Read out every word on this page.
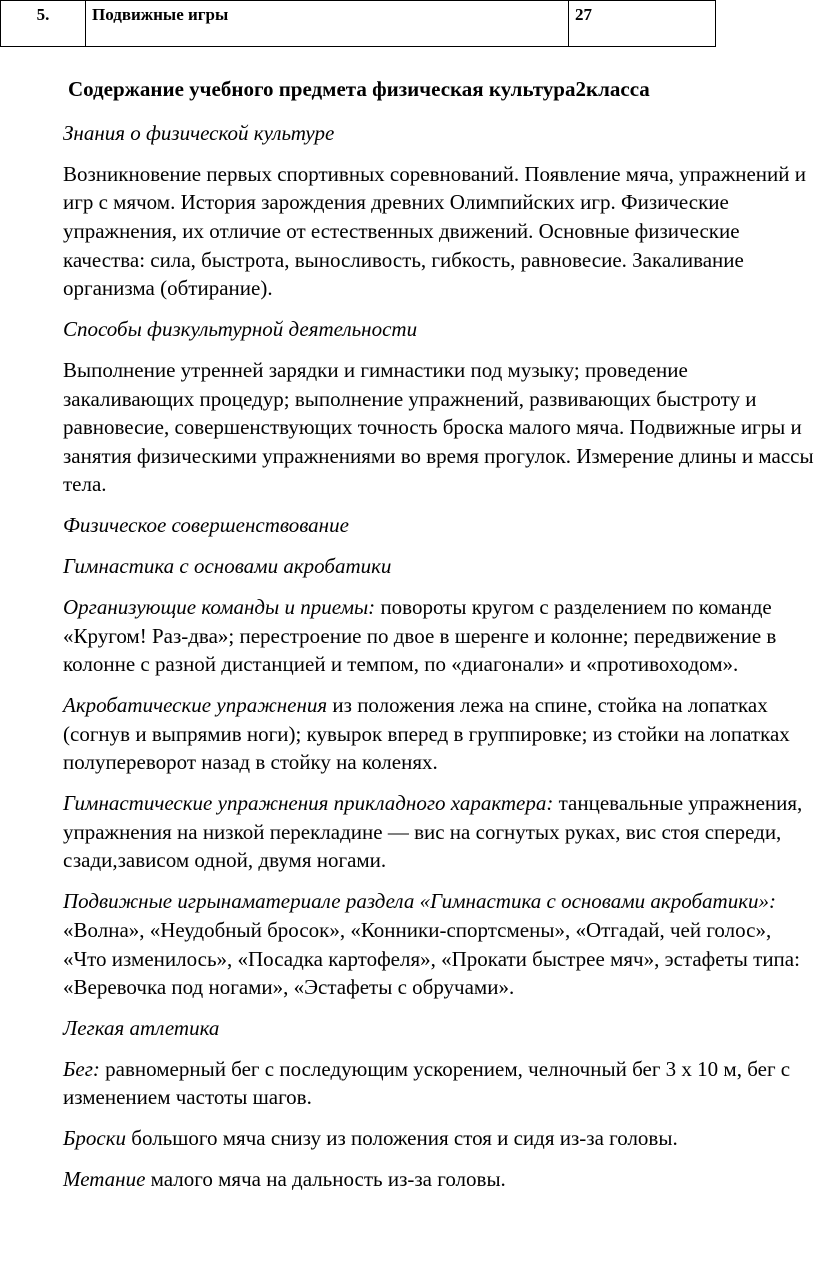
5.	Подвижные игры	27
Содержание учебного предмета физическая культура2класса

Знания о физической культуре

Возникновение первых спортивных соревнований. Появление мяча, упражнений и игр с мячом. История зарождения древних Олимпийских игр. Физические упражнения, их отличие от естественных движений. Основные физические качества: сила, быстрота, выносливость, гибкость, равновесие. Закаливание организма (обтирание).

Способы физкультурной деятельности

Выполнение утренней зарядки и гимнастики под музыку; проведение закаливающих процедур; выполнение упражнений, развивающих быстроту и равновесие, совершенствующих точность броска малого мяча. Подвижные игры и занятия физическими упражнениями во время прогулок. Измерение длины и массы тела.

Физическое совершенствование

Гимнастика с основами акробатики

Организующие команды и приемы: повороты кругом с разделением по команде «Кругом! Раз-два»; перестроение по двое в шеренге и колонне; передвижение в колонне с разной дистанцией и темпом, по «диагонали» и «противоходом».

Акробатические упражнения из положения лежа на спине, стойка на лопатках (согнув и выпрямив ноги); кувырок вперед в группировке; из стойки на лопатках полупереворот назад в стойку на коленях.

Гимнастические упражнения прикладного характера: танцевальные упражнения, упражнения на низкой перекладине — вис на согнутых руках, вис стоя спереди, сзади,зависом одной, двумя ногами.

Подвижные игрынаматериале раздела «Гимнастика с основами акробатики»: «Волна», «Неудобный бросок», «Конники-спортсмены», «Отгадай, чей голос», «Что изменилось», «Посадка картофеля», «Прокати быстрее мяч», эстафеты типа: «Веревочка под ногами», «Эстафеты с обручами».

Легкая атлетика

Бег: равномерный бег с последующим ускорением, челночный бег 3 х 10 м, бег с изменением частоты шагов.

Броски большого мяча снизу из положения стоя и сидя из-за головы.

Метание малого мяча на дальность из-за головы.
